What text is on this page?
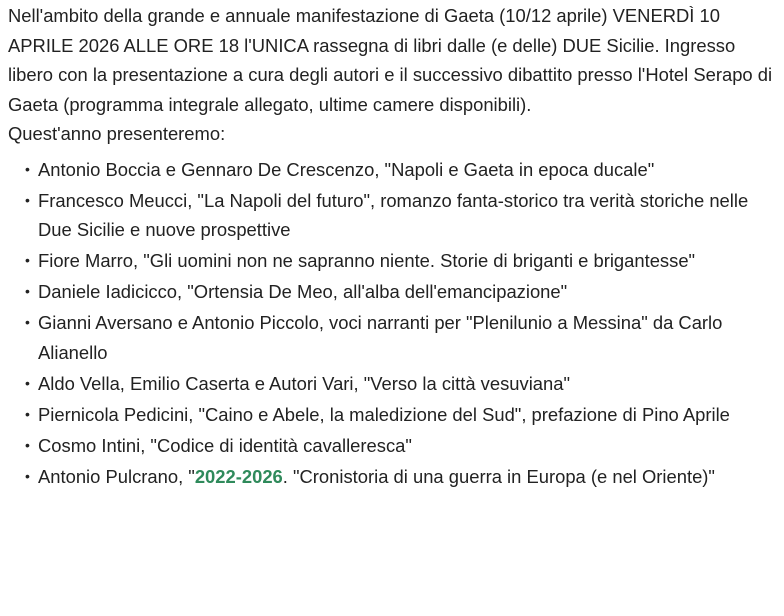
Nell'ambito della grande e annuale manifestazione di Gaeta (10/12 aprile) VENERDÌ 10 APRILE 2026 ALLE ORE 18 l'UNICA rassegna di libri dalle (e delle) DUE Sicilie. Ingresso libero con la presentazione a cura degli autori e il successivo dibattito presso l'Hotel Serapo di Gaeta (programma integrale allegato, ultime camere disponibili).

Quest'anno presenteremo:

• Antonio Boccia e Gennaro De Crescenzo, "Napoli e Gaeta in epoca ducale"
• Francesco Meucci, "La Napoli del futuro", romanzo fanta-storico tra verità storiche nelle Due Sicilie e nuove prospettive
• Fiore Marro, "Gli uomini non ne sapranno niente. Storie di briganti e brigantesse"
• Daniele Iadicicco, "Ortensia De Meo, all'alba dell'emancipazione"
• Gianni Aversano e Antonio Piccolo, voci narranti per "Plenilunio a Messina" da Carlo Alianello
• Aldo Vella, Emilio Caserta e Autori Vari, "Verso la città vesuviana"
• Piernicola Pedicini, "Caino e Abele, la maledizione del Sud", prefazione di Pino Aprile
• Cosmo Intini, "Codice di identità cavalleresca"
• Antonio Pulcrano, "2022-2026. "Cronistoria di una guerra in Europa (e nel Oriente)"
